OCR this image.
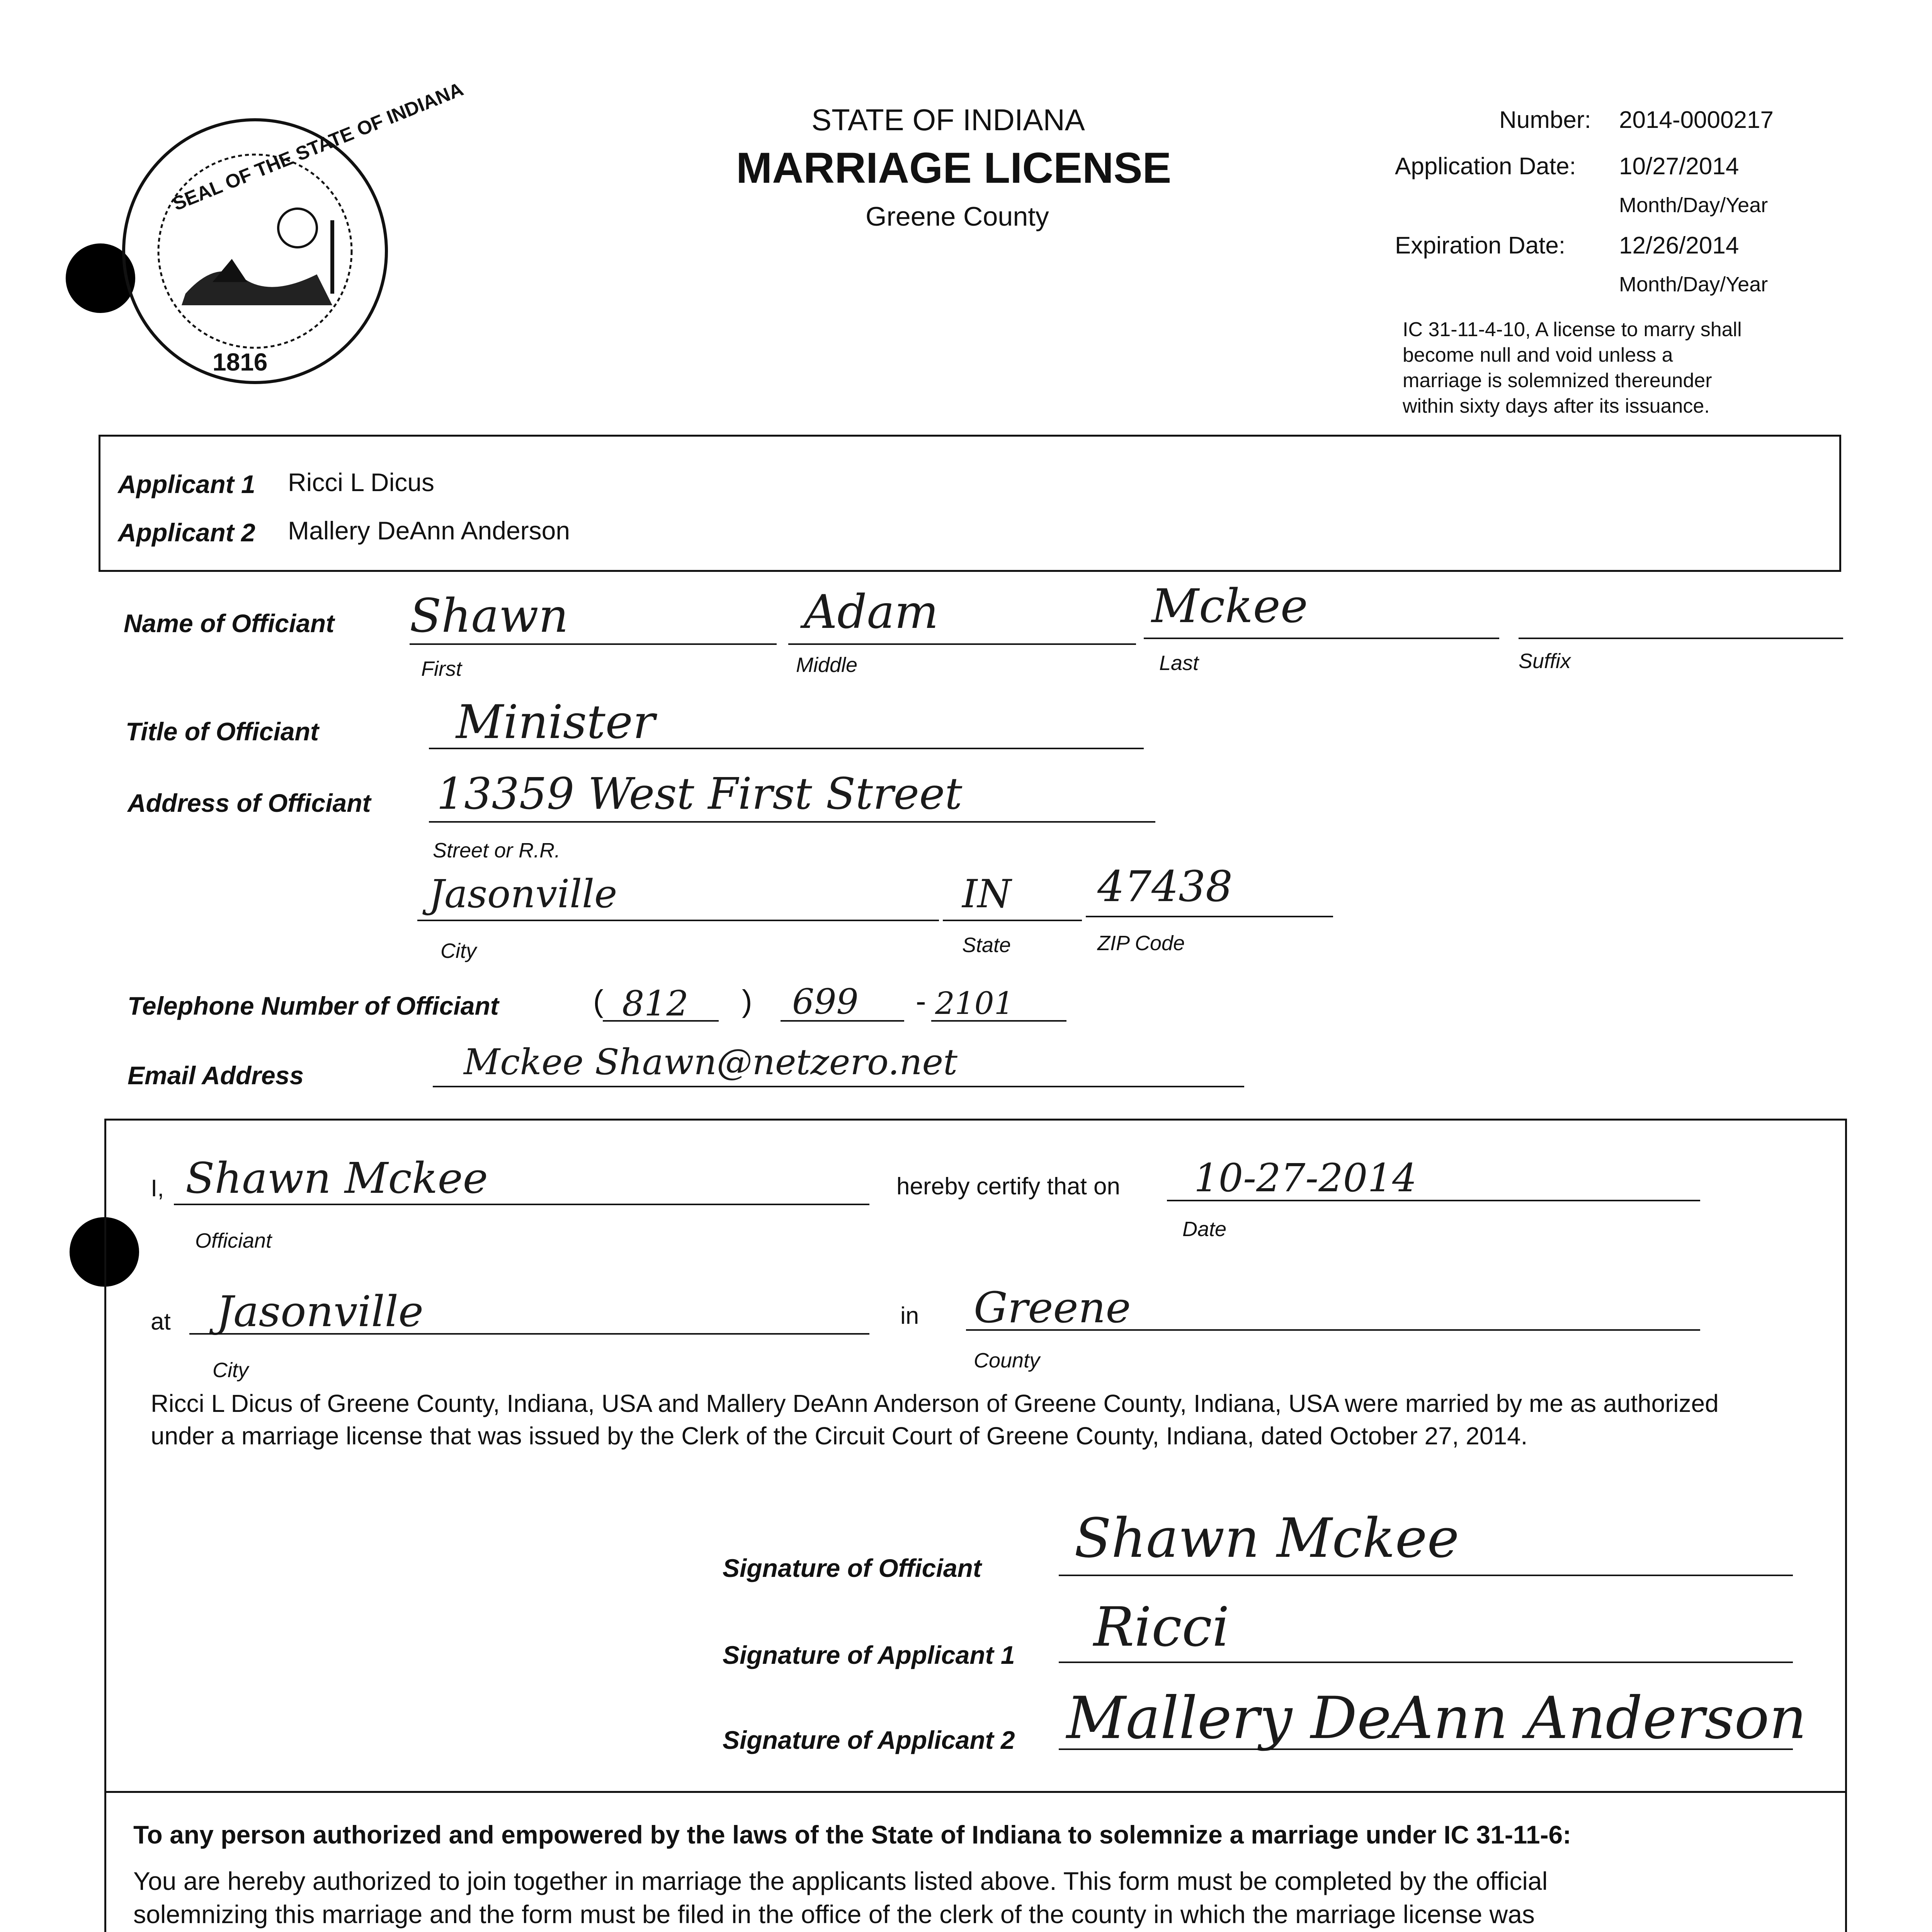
SEAL OF THE STATE OF INDIANA
1816
STATE OF INDIANA
MARRIAGE LICENSE
Greene County
Number: 2014-0000217
Application Date: 10/27/2014
Month/Day/Year
Expiration Date: 12/26/2014
Month/Day/Year
IC 31-11-4-10, A license to marry shall
become null and void unless a
marriage is solemnized thereunder
within sixty days after its issuance.
Applicant 1 Ricci L Dicus
Applicant 2 Mallery DeAnn Anderson
Name of Officiant Shawn
First
Adam
Middle
Mckee
Last	Suffix
Title of Officiant	Minister
Address of Officiant 13359 West First Street
Street or R.R.
Jasonville
City
IN
State
47438
ZIP Code
Telephone Number of Officiant	( 812 ) 699 - 2101
Email Address	Mckee Shawn@netzero.net
I, Shawn Mckee
Officiant
hereby certify that on 10-27-2014
Date
at Jasonville
City
in Greene
County
Ricci L Dicus of Greene County, Indiana, USA and Mallery DeAnn Anderson of Greene County, Indiana, USA were married by me as authorized
under a marriage license that was issued by the Clerk of the Circuit Court of Greene County, Indiana, dated October 27, 2014.
Signature of Officiant Shawn Mckee
Signature of Applicant 1 Ricci
Signature of Applicant 2 Mallery DeAnn Anderson
To any person authorized and empowered by the laws of the State of Indiana to solemnize a marriage under IC 31-11-6:
You are hereby authorized to join together in marriage the applicants listed above. This form must be completed by the official
solemnizing this marriage and the form must be filed in the office of the clerk of the county in which the marriage license was
